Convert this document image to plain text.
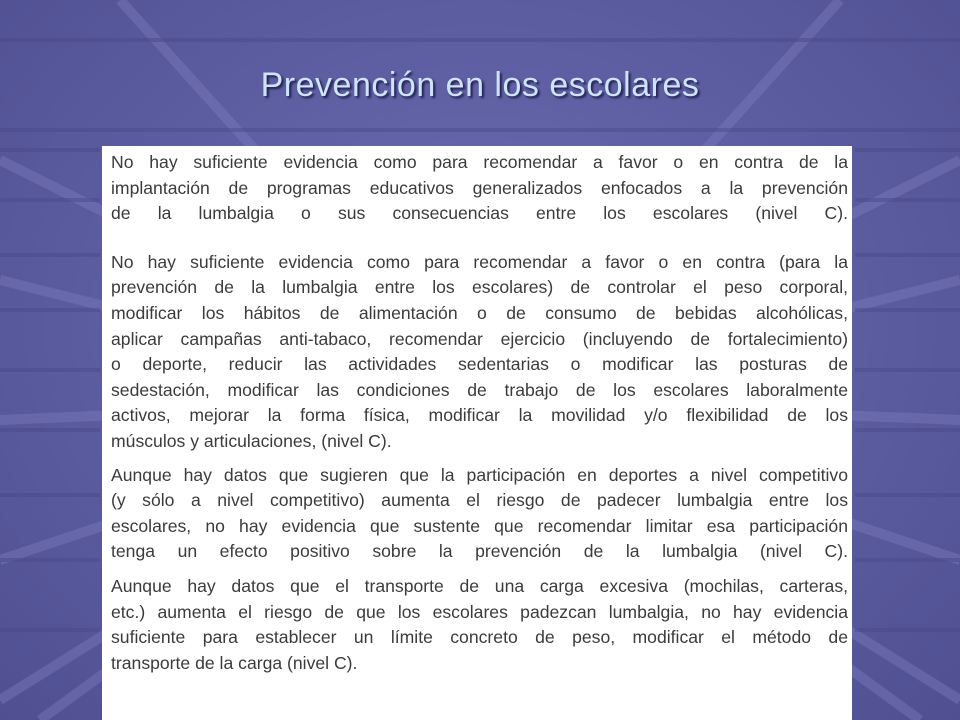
Prevención en los escolares

No hay suficiente evidencia como para recomendar a favor o en contra de la
implantación de programas educativos generalizados enfocados a la prevención
de la lumbalgia o sus consecuencias entre los escolares (nivel C).

No hay suficiente evidencia como para recomendar a favor o en contra (para la
prevención de la lumbalgia entre los escolares) de controlar el peso corporal,
modificar los hábitos de alimentación o de consumo de bebidas alcohólicas,
aplicar campañas anti-tabaco, recomendar ejercicio (incluyendo de fortalecimiento)
o deporte, reducir las actividades sedentarias o modificar las posturas de
sedestación, modificar las condiciones de trabajo de los escolares laboralmente
activos, mejorar la forma física, modificar la movilidad y/o flexibilidad de los
músculos y articulaciones, (nivel C).

Aunque hay datos que sugieren que la participación en deportes a nivel competitivo
(y sólo a nivel competitivo) aumenta el riesgo de padecer lumbalgia entre los
escolares, no hay evidencia que sustente que recomendar limitar esa participación
tenga un efecto positivo sobre la prevención de la lumbalgia (nivel C).

Aunque hay datos que el transporte de una carga excesiva (mochilas, carteras,
etc.) aumenta el riesgo de que los escolares padezcan lumbalgia, no hay evidencia
suficiente para establecer un límite concreto de peso, modificar el método de
transporte de la carga (nivel C).
